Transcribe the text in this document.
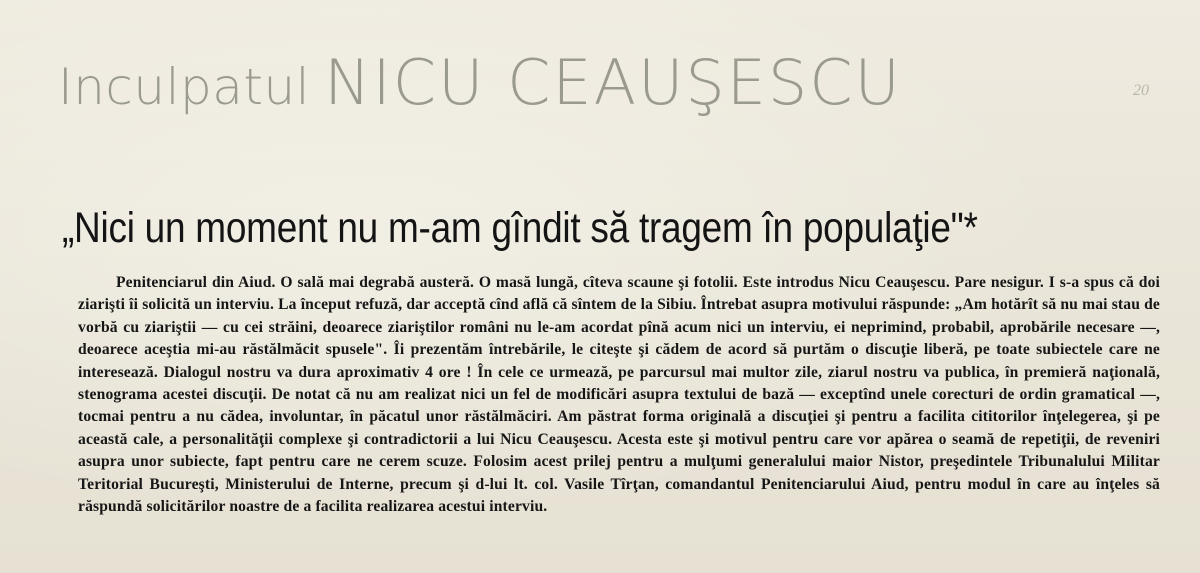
Inculpatul NICU CEAUŞESCU	20
„Nici un moment nu m-am gîndit să tragem în populaţie"*

Penitenciarul din Aiud. O sală mai degrabă austeră. O masă lungă, cîteva scaune şi fotolii. Este introdus Nicu Ceauşescu. Pare nesigur. I s-a spus că doi ziarişti îi solicită un interviu. La început refuză, dar acceptă cînd află că sîntem de la Sibiu. Întrebat asupra motivului răspunde: „Am hotărît să nu mai stau de vorbă cu ziariştii — cu cei străini, deoarece ziariştilor români nu le-am acordat pînă acum nici un interviu, ei neprimind, probabil, aprobările necesare —, deoarece aceştia mi-au răstălmăcit spusele". Îi prezentăm întrebările, le citeşte şi cădem de acord să purtăm o discuţie liberă, pe toate subiectele care ne interesează. Dialogul nostru va dura aproximativ 4 ore ! În cele ce urmează, pe parcursul mai multor zile, ziarul nostru va publica, în premieră naţională, stenograma acestei discuţii. De notat că nu am realizat nici un fel de modificări asupra textului de bază — exceptînd unele corecturi de ordin gramatical —, tocmai pentru a nu cădea, involuntar, în păcatul unor răstălmăciri. Am păstrat forma originală a discuţiei şi pentru a facilita cititorilor înţelegerea, şi pe această cale, a personalităţii complexe şi contradictorii a lui Nicu Ceauşescu. Acesta este şi motivul pentru care vor apărea o seamă de repetiţii, de reveniri asupra unor subiecte, fapt pentru care ne cerem scuze. Folosim acest prilej pentru a mulţumi generalului maior Nistor, preşedintele Tribunalului Militar Teritorial Bucureşti, Ministerului de Interne, precum şi d-lui lt. col. Vasile Tîrţan, comandantul Penitenciarului Aiud, pentru modul în care au înţeles să răspundă solicitărilor noastre de a facilita realizarea acestui interviu.
